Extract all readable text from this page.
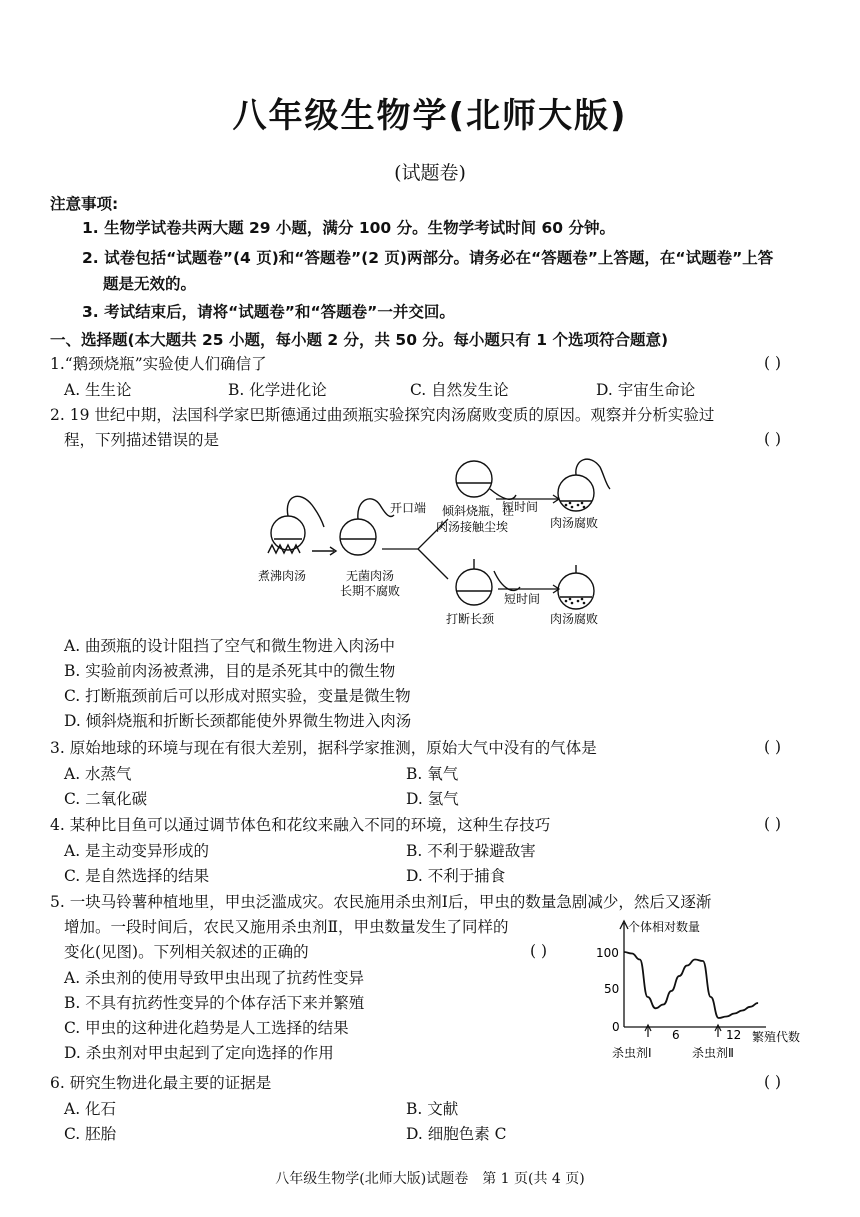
八年级生物学(北师大版)
(试题卷)
注意事项:
1. 生物学试卷共两大题 29 小题，满分 100 分。生物学考试时间 60 分钟。
2. 试卷包括“试题卷”(4 页)和“答题卷”(2 页)两部分。请务必在“答题卷”上答题，在“试题卷”上答
题是无效的。
3. 考试结束后，请将“试题卷”和“答题卷”一并交回。
一、选择题(本大题共 25 小题，每小题 2 分，共 50 分。每小题只有 1 个选项符合题意)
1.“鹅颈烧瓶”实验使人们确信了	( )
A. 生生论	B. 化学进化论	C. 自然发生论	D. 宇宙生命论
2. 19 世纪中期，法国科学家巴斯德通过曲颈瓶实验探究肉汤腐败变质的原因。观察并分析实验过
程，下列描述错误的是	( )
煮沸肉汤
开口端
无菌肉汤
长期不腐败
倾斜烧瓶，让
肉汤接触尘埃
短时间
肉汤腐败
打断长颈
短时间
肉汤腐败
A. 曲颈瓶的设计阻挡了空气和微生物进入肉汤中
B. 实验前肉汤被煮沸，目的是杀死其中的微生物
C. 打断瓶颈前后可以形成对照实验，变量是微生物
D. 倾斜烧瓶和折断长颈都能使外界微生物进入肉汤
3. 原始地球的环境与现在有很大差别，据科学家推测，原始大气中没有的气体是	( )
A. 水蒸气	B. 氧气
C. 二氧化碳	D. 氢气
4. 某种比目鱼可以通过调节体色和花纹来融入不同的环境，这种生存技巧	( )
A. 是主动变异形成的	B. 不利于躲避敌害
C. 是自然选择的结果	D. 不利于捕食
5. 一块马铃薯种植地里，甲虫泛滥成灾。农民施用杀虫剂Ⅰ后，甲虫的数量急剧减少，然后又逐渐
增加。一段时间后，农民又施用杀虫剂Ⅱ，甲虫数量发生了同样的
变化(见图)。下列相关叙述的正确的	( )
A. 杀虫剂的使用导致甲虫出现了抗药性变异
B. 不具有抗药性变异的个体存活下来并繁殖
C. 甲虫的这种进化趋势是人工选择的结果
D. 杀虫剂对甲虫起到了定向选择的作用
个体相对数量
繁殖代数
100
50
0
6	12
杀虫剂Ⅰ	杀虫剂Ⅱ
6. 研究生物进化最主要的证据是	( )
A. 化石	B. 文献
C. 胚胎	D. 细胞色素 C
八年级生物学(北师大版)试题卷　第 1 页(共 4 页)
